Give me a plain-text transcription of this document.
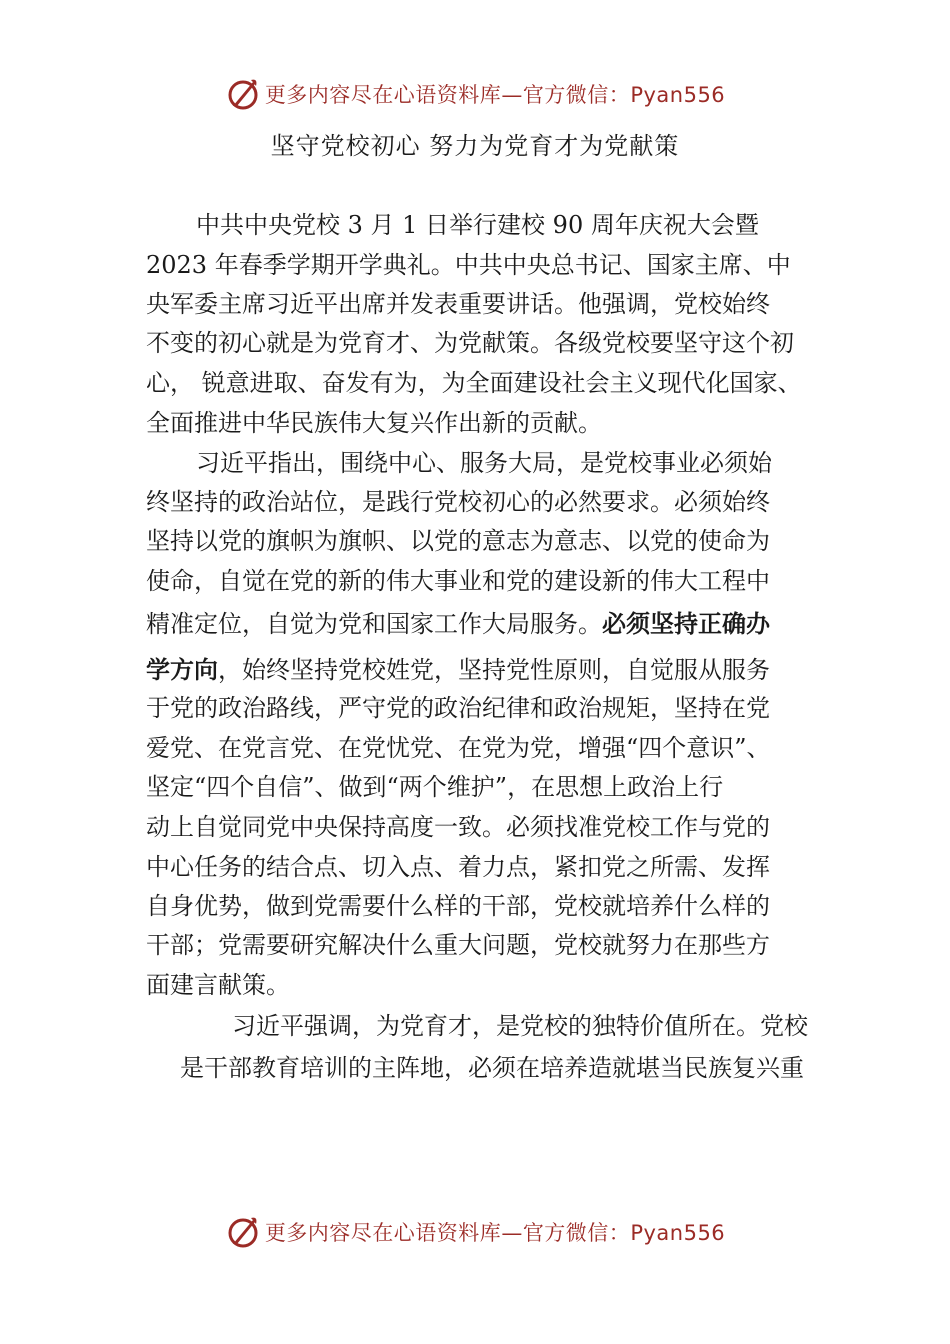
更多内容尽在心语资料库—官方微信：Pyan556
坚守党校初心 努力为党育才为党献策
中共中央党校 3 月 1 日举行建校 90 周年庆祝大会暨
2023 年春季学期开学典礼。中共中央总书记、国家主席、中
央军委主席习近平出席并发表重要讲话。他强调，党校始终
不变的初心就是为党育才、为党献策。各级党校要坚守这个初
心， 锐意进取、奋发有为，为全面建设社会主义现代化国家、
全面推进中华民族伟大复兴作出新的贡献。
习近平指出，围绕中心、服务大局，是党校事业必须始
终坚持的政治站位，是践行党校初心的必然要求。必须始终
坚持以党的旗帜为旗帜、以党的意志为意志、以党的使命为
使命，自觉在党的新的伟大事业和党的建设新的伟大工程中
精准定位，自觉为党和国家工作大局服务。必须坚持正确办
学方向，始终坚持党校姓党，坚持党性原则，自觉服从服务
于党的政治路线，严守党的政治纪律和政治规矩，坚持在党
爱党、在党言党、在党忧党、在党为党，增强“四个意识”、
坚定“四个自信”、做到“两个维护”，在思想上政治上行
动上自觉同党中央保持高度一致。必须找准党校工作与党的
中心任务的结合点、切入点、着力点，紧扣党之所需、发挥
自身优势，做到党需要什么样的干部，党校就培养什么样的
干部；党需要研究解决什么重大问题，党校就努力在那些方
面建言献策。
习近平强调，为党育才，是党校的独特价值所在。党校
是干部教育培训的主阵地，必须在培养造就堪当民族复兴重
更多内容尽在心语资料库—官方微信：Pyan556
